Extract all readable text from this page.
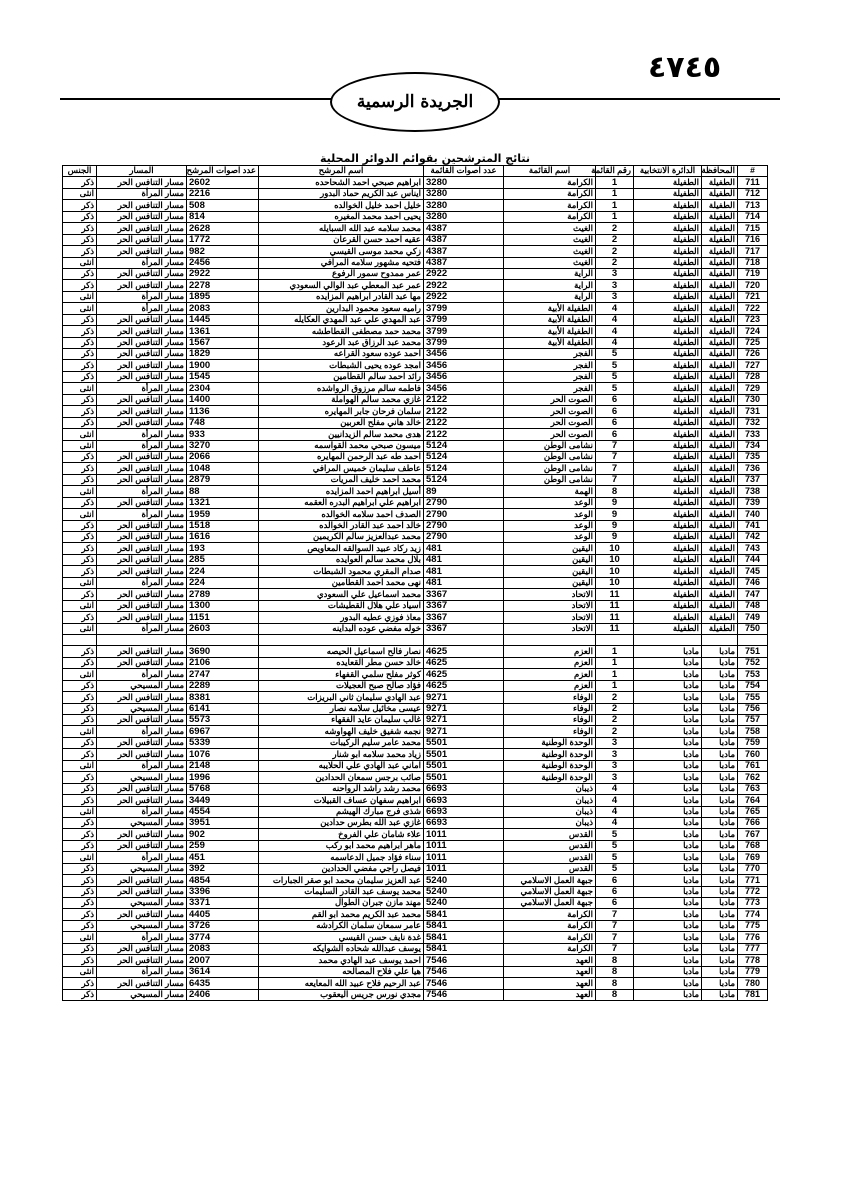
٤٧٤٥
الجريدة الرسمية
نتائج المترشحين بقوائم الدوائر المحلية
#	المحافظة	الدائرة الانتخابية	رقم القائمة	اسم القائمة	عدد اصوات القائمة	اسم المرشح	عدد اصوات المرشح	المسار	الجنس
711	الطفيلة	الطفيلة	1	الكرامة	3280	ابراهيم صبحي احمد الشحاحده	2602	مسار التنافس الحر	ذكر
712	الطفيلة	الطفيلة	1	الكرامة	3280	ايناس عبد الكريم حماد البدور	2216	مسار المرأة	انثى
713	الطفيلة	الطفيلة	1	الكرامة	3280	خليل احمد خليل الخوالده	508	مسار التنافس الحر	ذكر
714	الطفيلة	الطفيلة	1	الكرامة	3280	يحيى احمد محمد المغيره	814	مسار التنافس الحر	ذكر
715	الطفيلة	الطفيلة	2	الغيث	4387	محمد سلامه عبد الله السبايله	2628	مسار التنافس الحر	ذكر
716	الطفيلة	الطفيلة	2	الغيث	4387	عقيه احمد حسن القرعان	1772	مسار التنافس الحر	ذكر
717	الطفيلة	الطفيلة	2	الغيث	4387	زكي محمد موسى القيسي	982	مسار التنافس الحر	ذكر
718	الطفيلة	الطفيلة	2	الغيث	4387	فتحيه مشهور سلامه المرافي	2456	مسار المرأة	انثى
719	الطفيلة	الطفيلة	3	الراية	2922	عمر ممدوح سمور الرفوع	2922	مسار التنافس الحر	ذكر
720	الطفيلة	الطفيلة	3	الراية	2922	عمر عبد المعطي عبد الوالي السعودي	2278	مسار التنافس الحر	ذكر
721	الطفيلة	الطفيلة	3	الراية	2922	مها عبد القادر ابراهيم المزايده	1895	مسار المرأة	انثى
722	الطفيلة	الطفيلة	4	الطفيلة الأبية	3799	راميه سعود محمود البدارين	2083	مسار المرأة	انثى
723	الطفيلة	الطفيلة	4	الطفيلة الأبية	3799	عبد المهدي علي عبد المهدي العكايله	1445	مسار التنافس الحر	ذكر
724	الطفيلة	الطفيلة	4	الطفيلة الأبية	3799	محمد حمد مصطفى القطاطشه	1361	مسار التنافس الحر	ذكر
725	الطفيلة	الطفيلة	4	الطفيلة الأبية	3799	محمد عبد الرزاق عبد الرعود	1567	مسار التنافس الحر	ذكر
726	الطفيلة	الطفيلة	5	الفجر	3456	احمد عوده سعود القراعه	1829	مسار التنافس الحر	ذكر
727	الطفيلة	الطفيلة	5	الفجر	3456	امجد عوده يحيى الشبطات	1900	مسار التنافس الحر	ذكر
728	الطفيلة	الطفيلة	5	الفجر	3456	رائد احمد سالم القطامين	1545	مسار التنافس الحر	ذكر
729	الطفيلة	الطفيلة	5	الفجر	3456	فاطمه سالم مرزوق الرواشده	2304	مسار المرأة	انثى
730	الطفيلة	الطفيلة	6	الصوت الحر	2122	غازي محمد سالم الهواملة	1400	مسار التنافس الحر	ذكر
731	الطفيلة	الطفيلة	6	الصوت الحر	2122	سلمان فرحان جابر المهايره	1136	مسار التنافس الحر	ذكر
732	الطفيلة	الطفيلة	6	الصوت الحر	2122	خالد هاني مفلح العربين	748	مسار التنافس الحر	ذكر
733	الطفيلة	الطفيلة	6	الصوت الحر	2122	هدى محمد سالم الزيدانيين	933	مسار المرأة	انثى
734	الطفيلة	الطفيلة	7	نشامى الوطن	5124	ميسون صبحي محمد القواسمه	3270	مسار المرأة	انثى
735	الطفيلة	الطفيلة	7	نشامى الوطن	5124	احمد طه عبد الرحمن المهايره	2066	مسار التنافس الحر	ذكر
736	الطفيلة	الطفيلة	7	نشامى الوطن	5124	عاطف سليمان خميس المرافي	1048	مسار التنافس الحر	ذكر
737	الطفيلة	الطفيلة	7	نشامى الوطن	5124	محمد احمد خليف المريات	2879	مسار التنافس الحر	ذكر
738	الطفيلة	الطفيلة	8	الهمة	89	أسيل ابراهيم احمد المزايده	88	مسار المرأة	انثى
739	الطفيلة	الطفيلة	9	الوعد	2790	ابراهيم علي ابراهيم البدره العقمه	1321	مسار التنافس الحر	ذكر
740	الطفيلة	الطفيلة	9	الوعد	2790	الصدف احمد سلامه الخوالده	1959	مسار المرأة	انثى
741	الطفيلة	الطفيلة	9	الوعد	2790	خالد احمد عبد القادر الخوالده	1518	مسار التنافس الحر	ذكر
742	الطفيلة	الطفيلة	9	الوعد	2790	محمد عبدالعزيز سالم الكريمين	1616	مسار التنافس الحر	ذكر
743	الطفيلة	الطفيلة	10	اليقين	481	زيد ركاد عبيد السوالقه المعاويص	193	مسار التنافس الحر	ذكر
744	الطفيلة	الطفيلة	10	اليقين	481	بلال محمد سالم العوايده	285	مسار التنافس الحر	ذكر
745	الطفيلة	الطفيلة	10	اليقين	481	صدام المقري محمود الشبطات	224	مسار التنافس الحر	ذكر
746	الطفيلة	الطفيلة	10	اليقين	481	نهى محمد احمد القطامين	224	مسار المرأة	انثى
747	الطفيلة	الطفيلة	11	الاتحاد	3367	محمد اسماعيل علي السعودي	2789	مسار التنافس الحر	ذكر
748	الطفيلة	الطفيلة	11	الاتحاد	3367	اسياد علي هلال القطيشات	1300	مسار التنافس الحر	انثى
749	الطفيلة	الطفيلة	11	الاتحاد	3367	معاذ فوزي عطيه البدور	1151	مسار التنافس الحر	ذكر
750	الطفيلة	الطفيلة	11	الاتحاد	3367	خوله مفضي عوده البداينه	2603	مسار المرأة	انثى

751	مادبا	مادبا	1	العزم	4625	نصار فالح اسماعيل الحيصه	3690	مسار التنافس الحر	ذكر
752	مادبا	مادبا	1	العزم	4625	خالد حسن مطر القعايده	2106	مسار التنافس الحر	ذكر
753	مادبا	مادبا	1	العزم	4625	كوثر مفلح سلمي القفهاء	2747	مسار المرأة	انثى
754	مادبا	مادبا	1	العزم	4625	فؤاد صالح صبح العجيلات	2289	مسار المسيحي	ذكر
755	مادبا	مادبا	2	الوفاء	9271	عبد الهادي سليمان ثاني البريزات	8381	مسار التنافس الحر	ذكر
756	مادبا	مادبا	2	الوفاء	9271	عيسى مخائيل سلامه نصار	6141	مسار المسيحي	ذكر
757	مادبا	مادبا	2	الوفاء	9271	غالب سليمان عايد الفقهاء	5573	مسار التنافس الحر	ذكر
758	مادبا	مادبا	2	الوفاء	9271	نجمه شفيق خليف الهواوشه	6967	مسار المرأة	انثى
759	مادبا	مادبا	3	الوحدة الوطنية	5501	محمد عامر سليم الركيبات	5339	مسار التنافس الحر	ذكر
760	مادبا	مادبا	3	الوحدة الوطنية	5501	زياد محمد سلامه ابو شنار	1076	مسار التنافس الحر	ذكر
761	مادبا	مادبا	3	الوحدة الوطنية	5501	اماني عبد الهادي علي الحلايبه	2148	مسار المرأة	انثى
762	مادبا	مادبا	3	الوحدة الوطنية	5501	صائب برجس سمعان الحدادين	1996	مسار المسيحي	ذكر
763	مادبا	مادبا	4	ذيبان	6693	محمد رشد راشد الرواحنه	5768	مسار التنافس الحر	ذكر
764	مادبا	مادبا	4	ذيبان	6693	ابراهيم سفهان عساف القبيلات	3449	مسار التنافس الحر	ذكر
765	مادبا	مادبا	4	ذيبان	6693	شذى فرج مبارك الهيشم	4554	مسار المرأة	انثى
766	مادبا	مادبا	4	ذيبان	6693	غازي عبد الله بطرس حدادين	3951	مسار المسيحي	ذكر
767	مادبا	مادبا	5	القدس	1011	علاء شامان علي الفروخ	902	مسار التنافس الحر	ذكر
768	مادبا	مادبا	5	القدس	1011	ماهر ابراهيم محمد ابو ركب	259	مسار التنافس الحر	ذكر
769	مادبا	مادبا	5	القدس	1011	سناء فؤاد جميل الدعاسمه	451	مسار المرأة	انثى
770	مادبا	مادبا	5	القدس	1011	فيصل راجي مفضي الحدادين	392	مسار المسيحي	ذكر
771	مادبا	مادبا	6	جبهة العمل الاسلامي	5240	عبد العزيز سليمان محمد ابو صقر الجبارات	4854	مسار التنافس الحر	ذكر
772	مادبا	مادبا	6	جبهة العمل الاسلامي	5240	محمد يوسف عبد القادر السليمات	3396	مسار التنافس الحر	ذكر
773	مادبا	مادبا	6	جبهة العمل الاسلامي	5240	مهند مازن جبران الطوال	3371	مسار المسيحي	ذكر
774	مادبا	مادبا	7	الكرامة	5841	محمد عبد الكريم محمد ابو القم	4405	مسار التنافس الحر	ذكر
775	مادبا	مادبا	7	الكرامة	5841	عامر سمعان سلمان الكرادشه	3726	مسار المسيحي	ذكر
776	مادبا	مادبا	7	الكرامة	5841	غدة نايف حسن القيسي	3774	مسار المرأة	انثى
777	مادبا	مادبا	7	الكرامة	5841	يوسف عبدالله شحاده الشوايكه	2083	مسار التنافس الحر	ذكر
778	مادبا	مادبا	8	العهد	7546	احمد يوسف عبد الهادي محمد	2007	مسار التنافس الحر	ذكر
779	مادبا	مادبا	8	العهد	7546	هيا علي فلاح المصالحه	3614	مسار المرأة	انثى
780	مادبا	مادبا	8	العهد	7546	عبد الرحيم فلاح عبيد الله المعايعه	6435	مسار التنافس الحر	ذكر
781	مادبا	مادبا	8	العهد	7546	مجدي نورس جريس اليعقوب	2406	مسار المسيحي	ذكر
